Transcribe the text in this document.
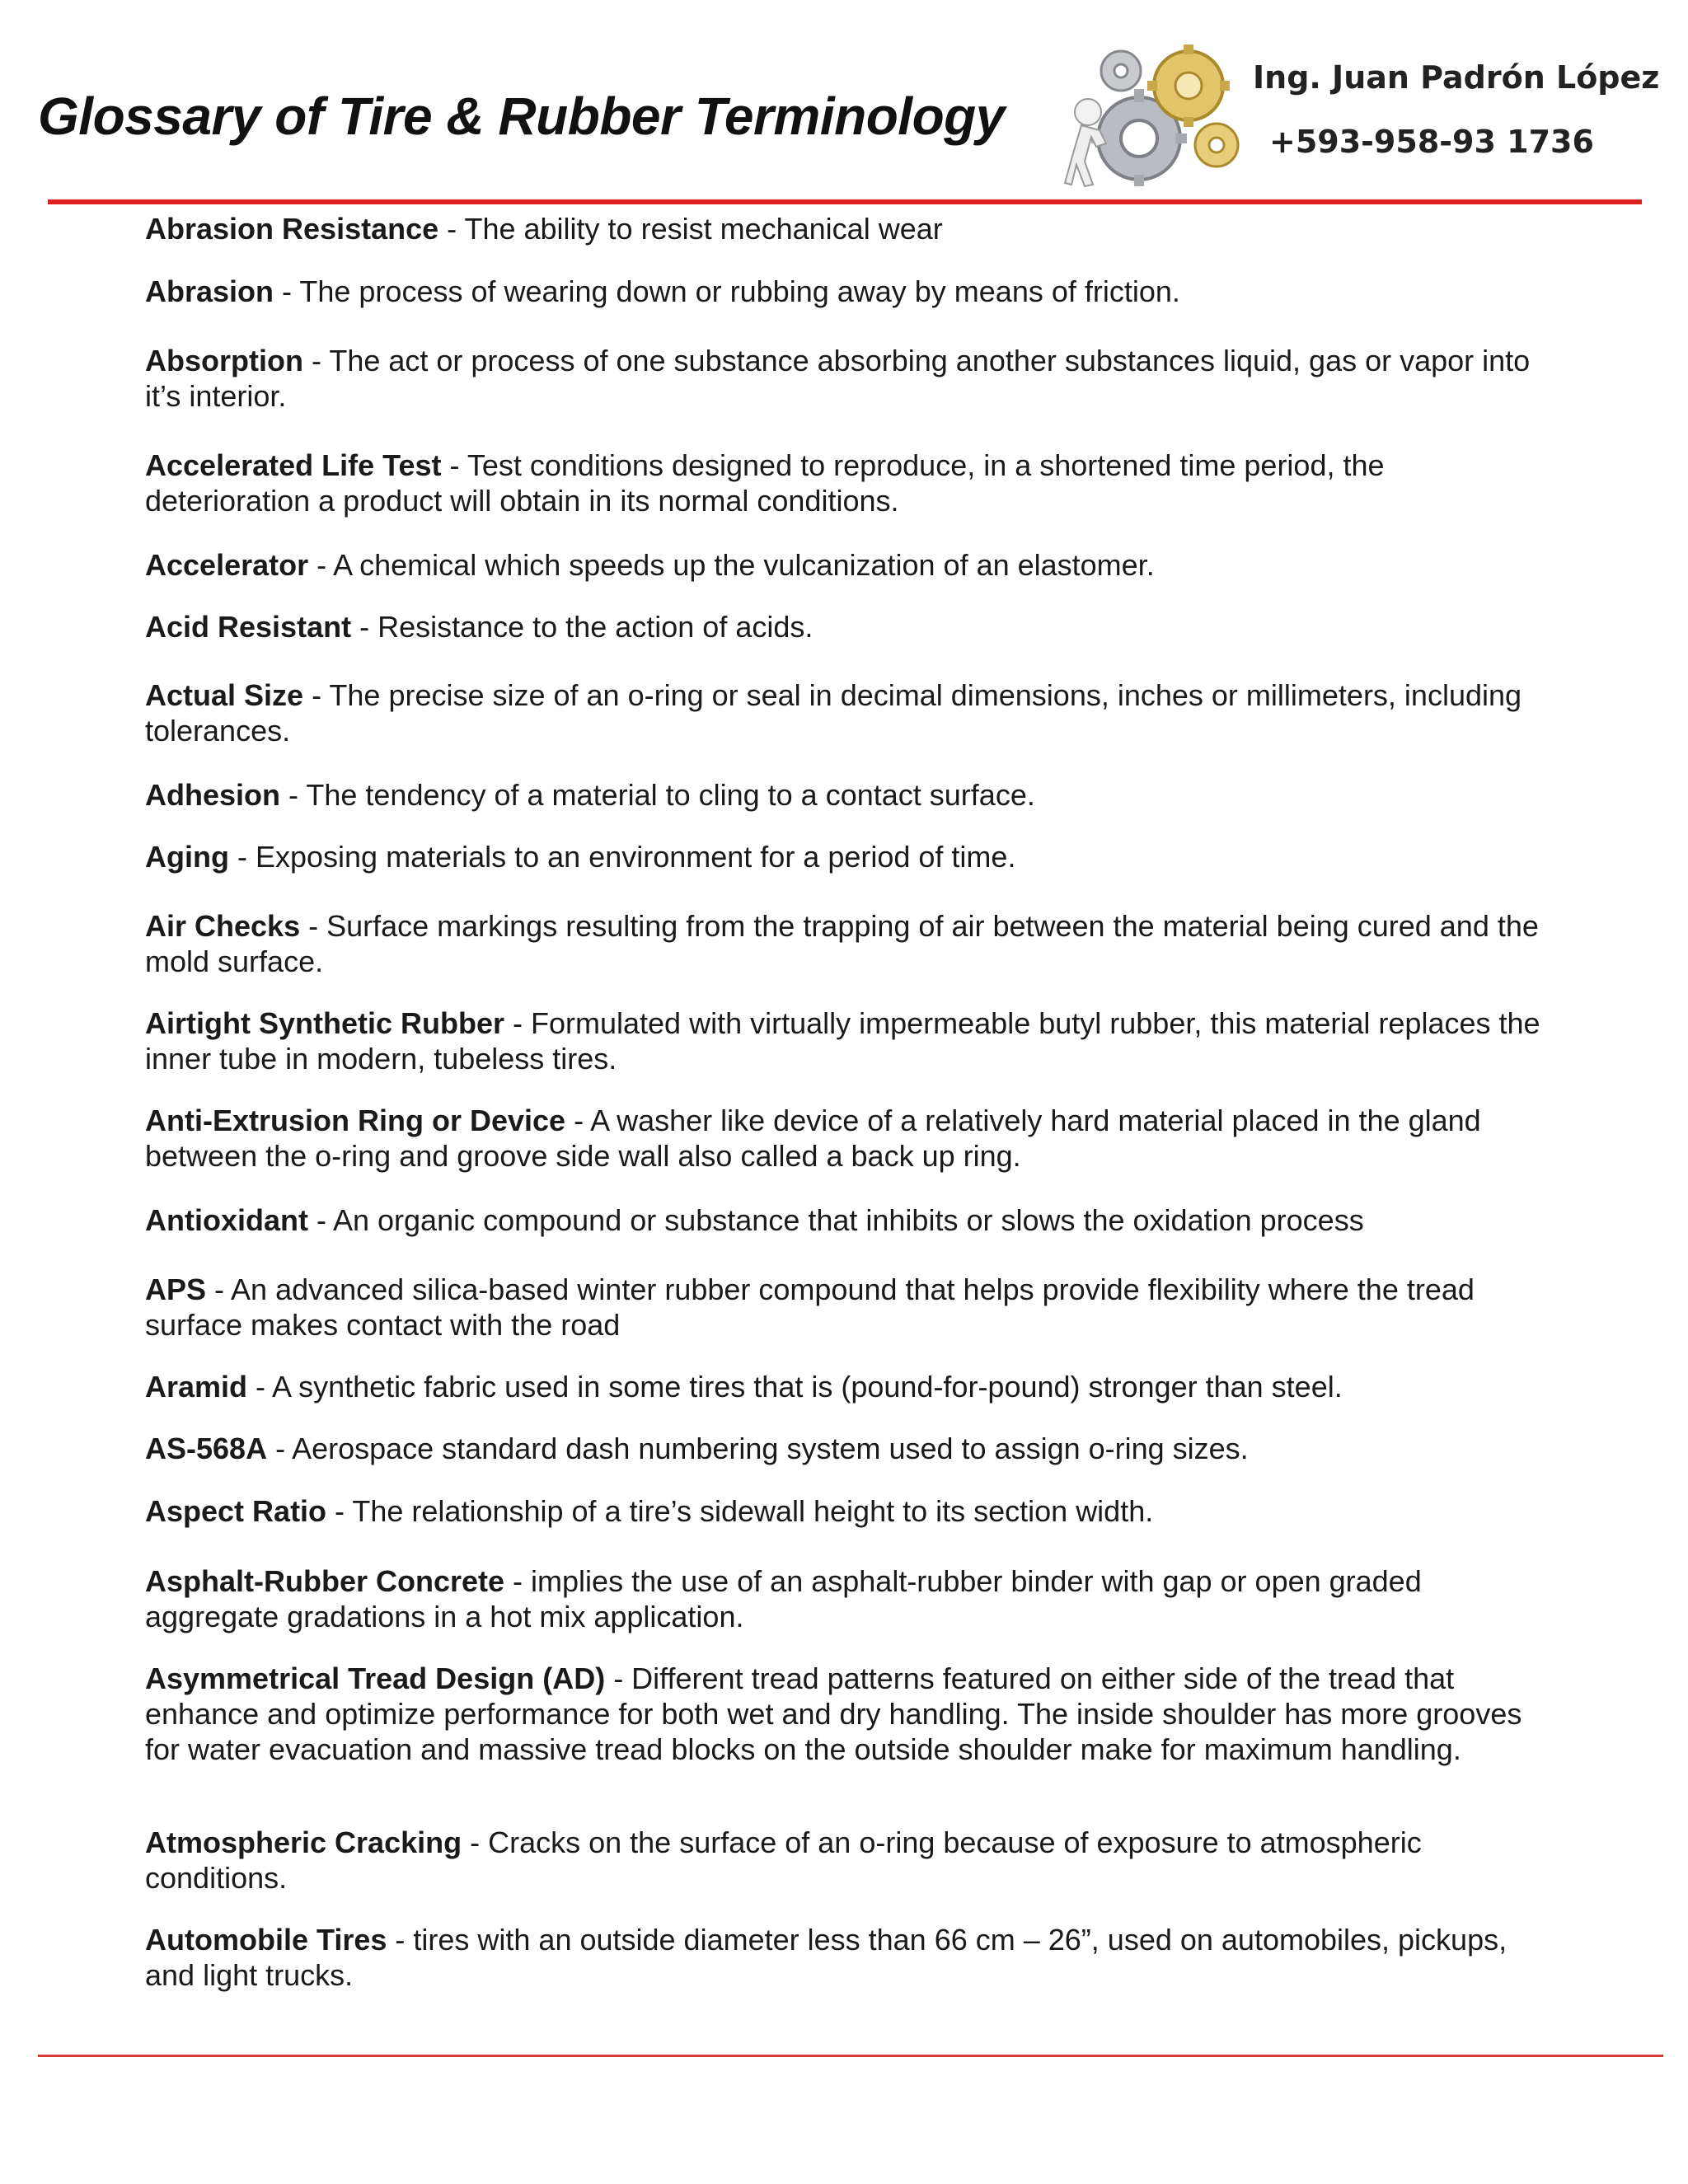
Glossary of Tire & Rubber Terminology
Ing. Juan Padrón López
+593-958-93 1736
Abrasion Resistance - The ability to resist mechanical wear
Abrasion - The process of wearing down or rubbing away by means of friction.
Absorption - The act or process of one substance absorbing another substances liquid, gas or vapor into it’s interior.
Accelerated Life Test - Test conditions designed to reproduce, in a shortened time period, the deterioration a product will obtain in its normal conditions.
Accelerator - A chemical which speeds up the vulcanization of an elastomer.
Acid Resistant - Resistance to the action of acids.
Actual Size - The precise size of an o-ring or seal in decimal dimensions, inches or millimeters, including tolerances.
Adhesion - The tendency of a material to cling to a contact surface.
Aging - Exposing materials to an environment for a period of time.
Air Checks - Surface markings resulting from the trapping of air between the material being cured and the mold surface.
Airtight Synthetic Rubber - Formulated with virtually impermeable butyl rubber, this material replaces the inner tube in modern, tubeless tires.
Anti-Extrusion Ring or Device - A washer like device of a relatively hard material placed in the gland between the o-ring and groove side wall also called a back up ring.
Antioxidant - An organic compound or substance that inhibits or slows the oxidation process
APS - An advanced silica-based winter rubber compound that helps provide flexibility where the tread surface makes contact with the road
Aramid - A synthetic fabric used in some tires that is (pound-for-pound) stronger than steel.
AS-568A - Aerospace standard dash numbering system used to assign o-ring sizes.
Aspect Ratio - The relationship of a tire’s sidewall height to its section width.
Asphalt-Rubber Concrete - implies the use of an asphalt-rubber binder with gap or open graded aggregate gradations in a hot mix application.
Asymmetrical Tread Design (AD) - Different tread patterns featured on either side of the tread that enhance and optimize performance for both wet and dry handling. The inside shoulder has more grooves for water evacuation and massive tread blocks on the outside shoulder make for maximum handling.
Atmospheric Cracking - Cracks on the surface of an o-ring because of exposure to atmospheric conditions.
Automobile Tires - tires with an outside diameter less than 66 cm – 26”, used on automobiles, pickups, and light trucks.
